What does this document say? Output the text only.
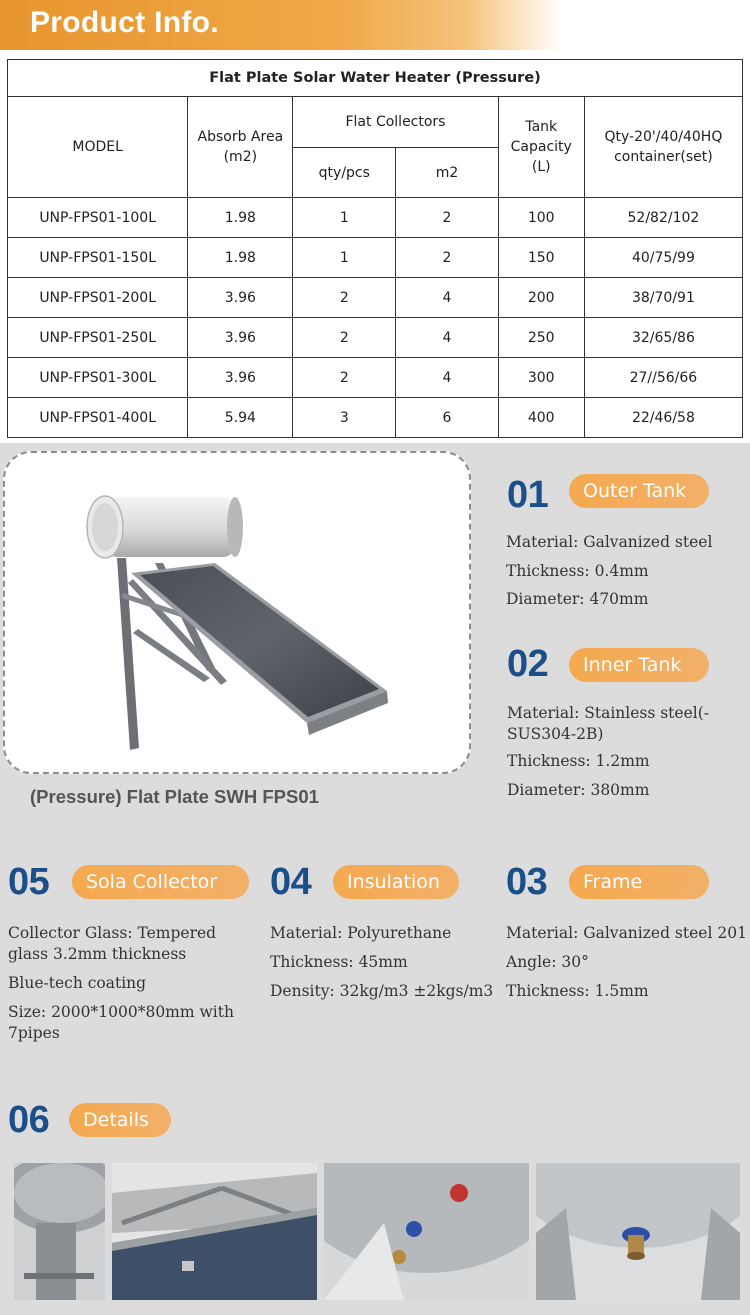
Product Info.
Flat Plate Solar Water Heater (Pressure)					
MODEL	Absorb Area (m2)	Flat Collectors		Tank Capacity (L)	Qty-20'/40/40HQ container(set)
		qty/pcs	m2		
UNP-FPS01-100L	1.98	1	2	100	52/82/102
UNP-FPS01-150L	1.98	1	2	150	40/75/99
UNP-FPS01-200L	3.96	2	4	200	38/70/91
UNP-FPS01-250L	3.96	2	4	250	32/65/86
UNP-FPS01-300L	3.96	2	4	300	27//56/66
UNP-FPS01-400L	5.94	3	6	400	22/46/58
(Pressure) Flat Plate SWH FPS01
01	Outer Tank
Material: Galvanized steel
Thickness: 0.4mm
Diameter: 470mm
02	Inner Tank
Material: Stainless steel(-SUS304-2B)
Thickness: 1.2mm
Diameter: 380mm
05	Sola Collector
Collector Glass: Tempered glass 3.2mm thickness
Blue-tech coating
Size: 2000*1000*80mm with 7pipes
04	Insulation
Material: Polyurethane
Thickness: 45mm
Density: 32kg/m3 ±2kgs/m3
03	Frame
Material: Galvanized steel 201
Angle: 30°
Thickness: 1.5mm
06	Details
